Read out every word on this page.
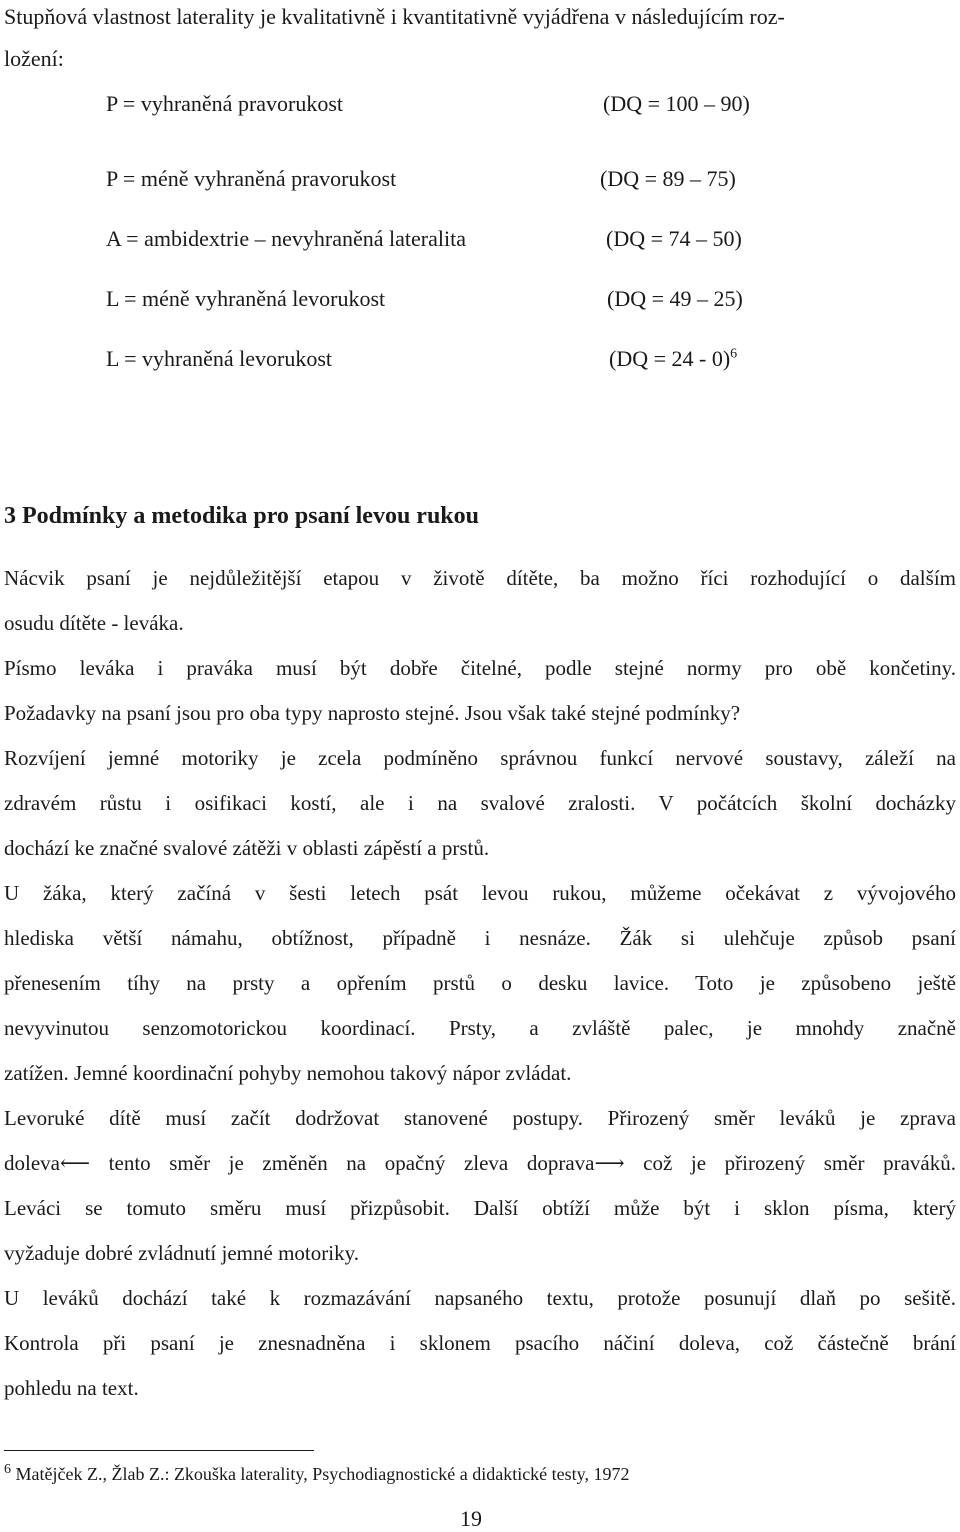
Stupňová vlastnost laterality je kvalitativně i kvantitativně vyjádřena v následujícím roz-
ložení:
P = vyhraněná pravorukost	(DQ = 100 – 90)
P = méně vyhraněná pravorukost	(DQ = 89 – 75)
A = ambidextrie – nevyhraněná lateralita	(DQ = 74 – 50)
L = méně vyhraněná levorukost	(DQ = 49 – 25)
L = vyhraněná levorukost	(DQ = 24 - 0)$^6$
3 Podmínky a metodika pro psaní levou rukou
Nácvik psaní je nejdůležitější etapou v životě dítěte, ba možno říci rozhodující o dalším
osudu dítěte - leváka.
Písmo leváka i praváka musí být dobře čitelné, podle stejné normy pro obě končetiny.
Požadavky na psaní jsou pro oba typy naprosto stejné. Jsou však také stejné podmínky?
Rozvíjení jemné motoriky je zcela podmíněno správnou funkcí nervové soustavy, záleží na
zdravém růstu i osifikaci kostí, ale i na svalové zralosti. V počátcích školní docházky
dochází ke značné svalové zátěži v oblasti zápěstí a prstů.
U žáka, který začíná v šesti letech psát levou rukou, můžeme očekávat z vývojového
hlediska větší námahu, obtížnost, případně i nesnáze. Žák si ulehčuje způsob psaní
přenesením tíhy na prsty a opřením prstů o desku lavice. Toto je způsobeno ještě
nevyvinutou senzomotorickou koordinací. Prsty, a zvláště palec, je mnohdy značně
zatížen. Jemné koordinační pohyby nemohou takový nápor zvládat.
Levoruké dítě musí začít dodržovat stanovené postupy. Přirozený směr leváků je zprava
doleva⟵ tento směr je změněn na opačný zleva doprava⟶ což je přirozený směr praváků.
Leváci se tomuto směru musí přizpůsobit. Další obtíží může být i sklon písma, který
vyžaduje dobré zvládnutí jemné motoriky.
U leváků dochází také k rozmazávání napsaného textu, protože posunují dlaň po sešitě.
Kontrola při psaní je znesnadněna i sklonem psacího náčiní doleva, což částečně brání
pohledu na text.
$^6$ Matějček Z., Žlab Z.: Zkouška laterality, Psychodiagnostické a didaktické testy, 1972
19
